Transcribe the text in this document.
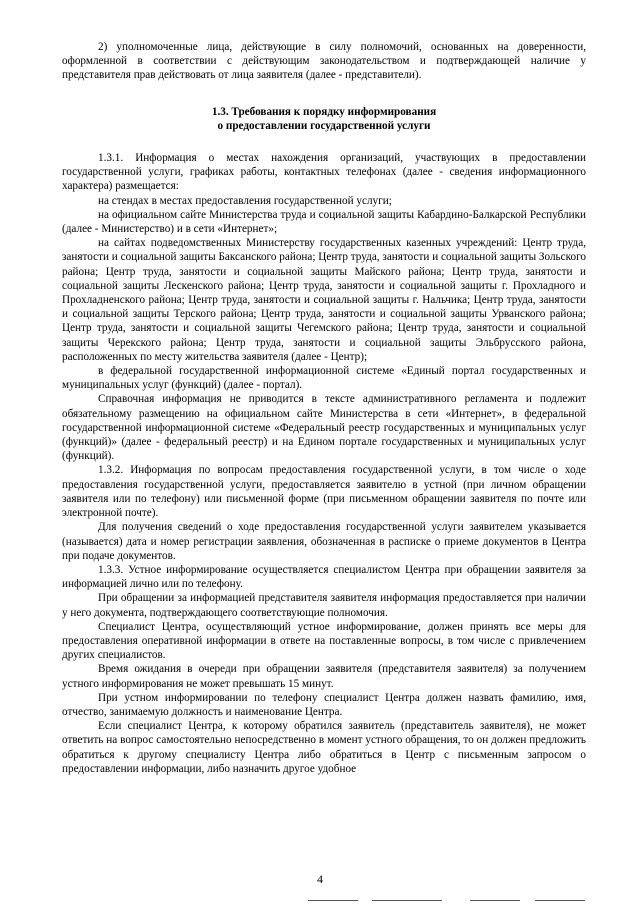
2) уполномоченные лица, действующие в силу полномочий, основанных на доверенности, оформленной в соответствии с действующим законодательством и подтверждающей наличие у представителя прав действовать от лица заявителя (далее - представители).

1.3. Требования к порядку информирования
о предоставлении государственной услуги

1.3.1. Информация о местах нахождения организаций, участвующих в предоставлении государственной услуги, графиках работы, контактных телефонах (далее - сведения информационного характера) размещается:

на стендах в местах предоставления государственной услуги;

на официальном сайте Министерства труда и социальной защиты Кабардино-Балкарской Республики (далее - Министерство) и в сети «Интернет»;

на сайтах подведомственных Министерству государственных казенных учреждений: Центр труда, занятости и социальной защиты Баксанского района; Центр труда, занятости и социальной защиты Зольского района; Центр труда, занятости и социальной защиты Майского района; Центр труда, занятости и социальной защиты Лескенского района; Центр труда, занятости и социальной защиты г. Прохладного и Прохладненского района; Центр труда, занятости и социальной защиты г. Нальчика; Центр труда, занятости и социальной защиты Терского района; Центр труда, занятости и социальной защиты Урванского района; Центр труда, занятости и социальной защиты Чегемского района; Центр труда, занятости и социальной защиты Черекского района; Центр труда, занятости и социальной защиты Эльбрусского района, расположенных по месту жительства заявителя (далее - Центр);

в федеральной государственной информационной системе «Единый портал государственных и муниципальных услуг (функций) (далее - портал).

Справочная информация не приводится в тексте административного регламента и подлежит обязательному размещению на официальном сайте Министерства в сети «Интернет», в федеральной государственной информационной системе «Федеральный реестр государственных и муниципальных услуг (функций)» (далее - федеральный реестр) и на Едином портале государственных и муниципальных услуг (функций).

1.3.2. Информация по вопросам предоставления государственной услуги, в том числе о ходе предоставления государственной услуги, предоставляется заявителю в устной (при личном обращении заявителя или по телефону) или письменной форме (при письменном обращении заявителя по почте или электронной почте).

Для получения сведений о ходе предоставления государственной услуги заявителем указывается (называется) дата и номер регистрации заявления, обозначенная в расписке о приеме документов в Центра при подаче документов.

1.3.3. Устное информирование осуществляется специалистом Центра при обращении заявителя за информацией лично или по телефону.

При обращении за информацией представителя заявителя информация предоставляется при наличии у него документа, подтверждающего соответствующие полномочия.

Специалист Центра, осуществляющий устное информирование, должен принять все меры для предоставления оперативной информации в ответе на поставленные вопросы, в том числе с привлечением других специалистов.

Время ожидания в очереди при обращении заявителя (представителя заявителя) за получением устного информирования не может превышать 15 минут.

При устном информировании по телефону специалист Центра должен назвать фамилию, имя, отчество, занимаемую должность и наименование Центра.

Если специалист Центра, к которому обратился заявитель (представитель заявителя), не может ответить на вопрос самостоятельно непосредственно в момент устного обращения, то он должен предложить обратиться к другому специалисту Центра либо обратиться в Центр с письменным запросом о предоставлении информации, либо назначить другое удобное

4
